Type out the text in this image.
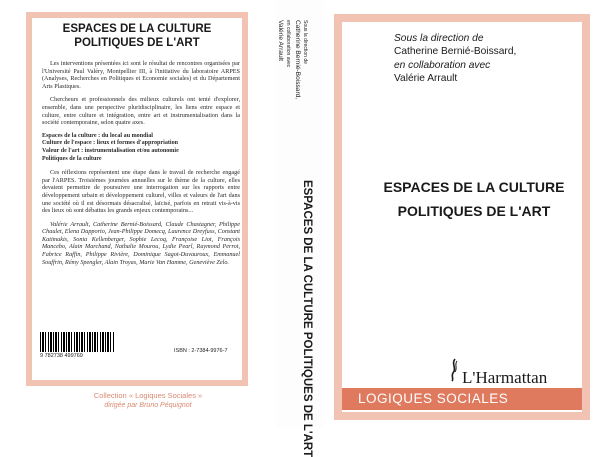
ESPACES DE LA CULTURE
POLITIQUES DE L'ART

Les interventions présentées ici sont le résultat de rencontres organisées par l'Université Paul Valéry, Montpellier III, à l'initiative du laboratoire ARPES (Analyses, Recherches en Politiques et Economie sociales) et du Département Arts Plastiques.

Chercheurs et professionnels des milieux culturels ont tenté d'explorer, ensemble, dans une perspective pluridisciplinaire, les liens entre espace et culture, entre culture et intégration, entre art et instrumentalisation dans la société contemporaine, selon quatre axes.

Espaces de la culture : du local au mondial
Culture de l'espace : lieux et formes d'appropriation
Valeur de l'art : instrumentalisation et/ou autonomie
Politiques de la culture

Ces réflexions représentent une étape dans le travail de recherche engagé par l'ARPES. Troisièmes journées annuelles sur le thème de la culture, elles devaient permettre de poursuivre une interrogation sur les rapports entre développement urbain et développement culturel, villes et valeurs de l'art dans une société où il est désormais désacralisé, laïcisé, parfois en retrait vis-à-vis des lieux où sont débattus les grands enjeux contemporains...

Valérie Arrault, Catherine Bernié-Boissard, Claude Chastagner, Philippe Chaulet, Elena Dapporto, Jean-Philippe Domecq, Laurence Dreyfuss, Constant Katimakis, Sonia Kellenberger, Sophie Lecoq, Françoise Liot, François Mancebo, Alain Marchand, Nathalie Mourou, Lydie Pearl, Raymond Perrot, Fabrice Raffin, Philippe Rivière, Dominique Sagot-Duvauroux, Emmanuel Souffrin, Rémy Spengler, Alain Troyas, Marie Van Hamme, Geneviève Zelo.

9 782738 499769
ISBN : 2-7384-9976-7
Collection « Logiques Sociales »
dirigée par Bruno Péquignot
Sous la direction de
Catherine Bernié-Boissard,
en collaboration avec
Valérie Arrault
ESPACES DE LA CULTURE POLITIQUES DE L'ART
Sous la direction de
Catherine Bernié-Boissard,
en collaboration avec
Valérie Arrault
ESPACES DE LA CULTURE
POLITIQUES DE L'ART
L'Harmattan
LOGIQUES SOCIALES
